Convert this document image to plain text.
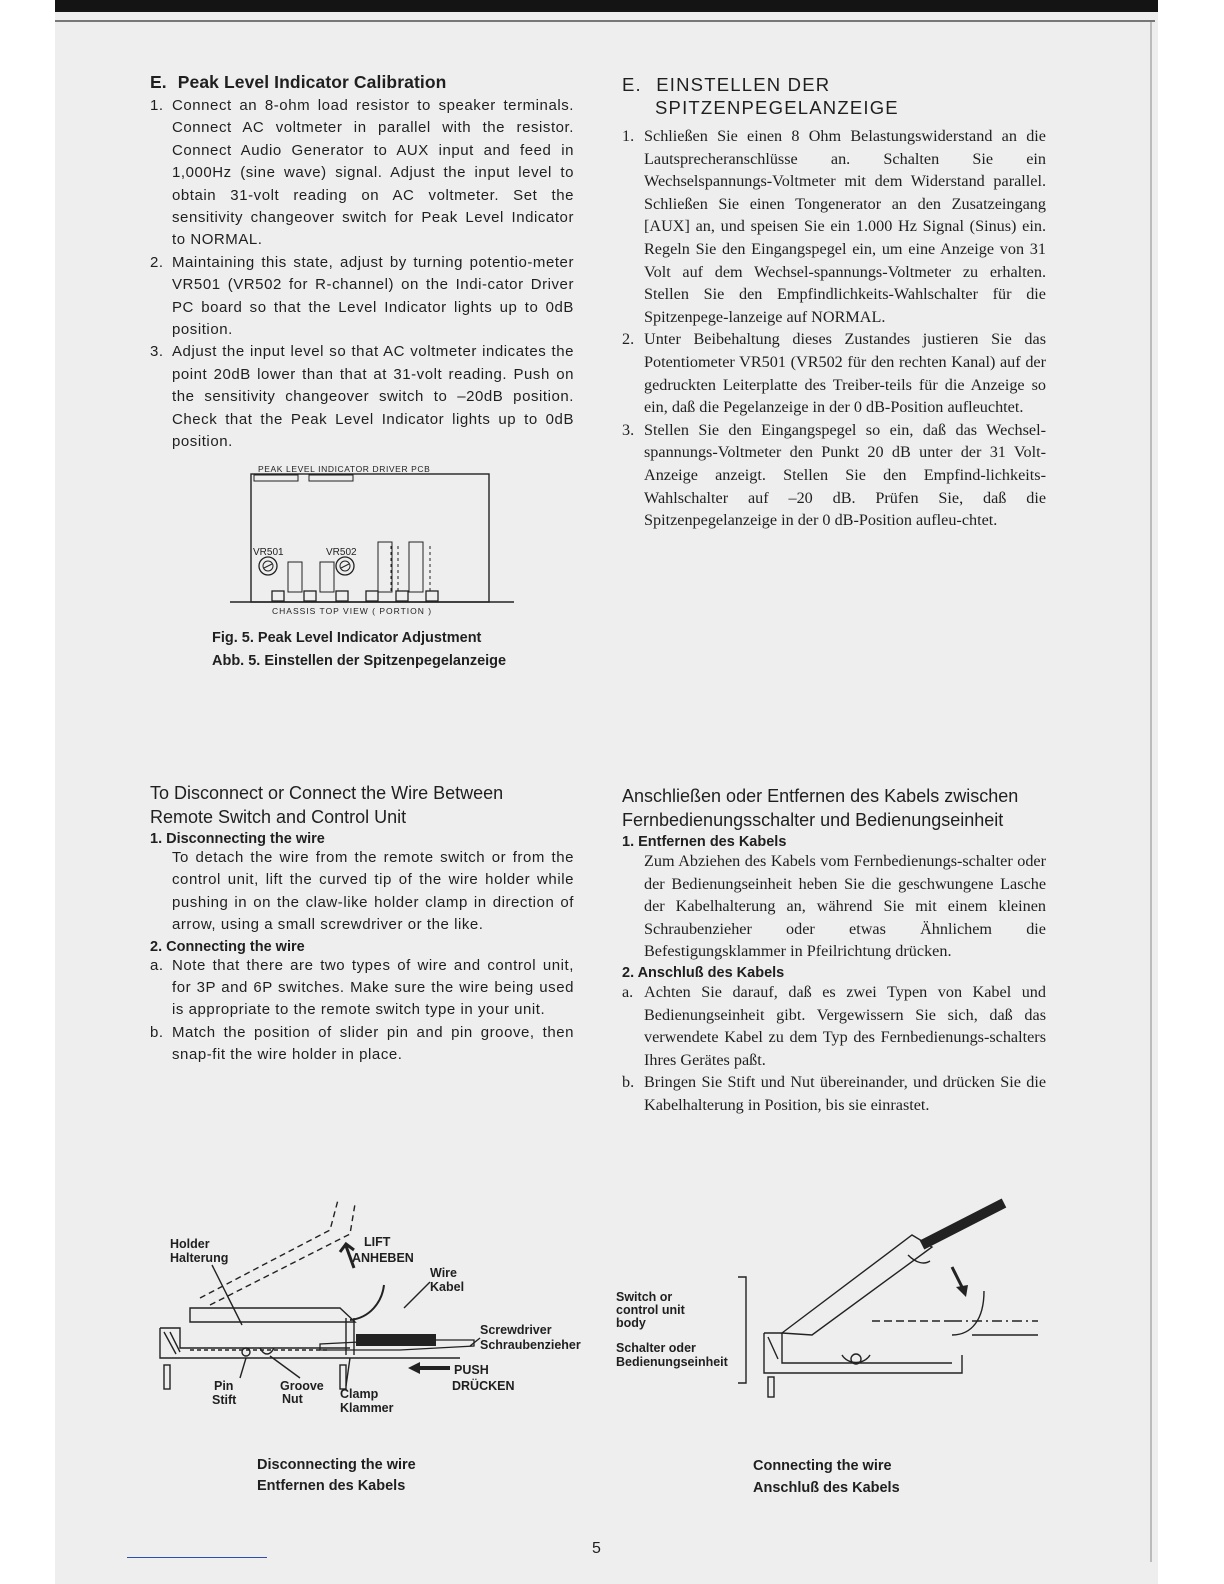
E. Peak Level Indicator Calibration
1. Connect an 8-ohm load resistor to speaker terminals. Connect AC voltmeter in parallel with the resistor. Connect Audio Generator to AUX input and feed in 1,000Hz (sine wave) signal. Adjust the input level to obtain 31-volt reading on AC voltmeter. Set the sensitivity changeover switch for Peak Level Indicator to NORMAL.
2. Maintaining this state, adjust by turning potentio-meter VR501 (VR502 for R-channel) on the Indi-cator Driver PC board so that the Level Indicator lights up to 0dB position.
3. Adjust the input level so that AC voltmeter indicates the point 20dB lower than that at 31-volt reading. Push on the sensitivity changeover switch to –20dB position. Check that the Peak Level Indicator lights up to 0dB position.
PEAK LEVEL INDICATOR DRIVER PCB
VR501	VR502
CHASSIS TOP VIEW ( PORTION )
Fig. 5. Peak Level Indicator Adjustment
Abb. 5. Einstellen der Spitzenpegelanzeige
E. EINSTELLEN DER
SPITZENPEGELANZEIGE
1. Schließen Sie einen 8 Ohm Belastungswiderstand an die Lautsprecheranschlüsse an. Schalten Sie ein Wechselspannungs-Voltmeter mit dem Widerstand parallel. Schließen Sie einen Tongenerator an den Zusatzeingang [AUX] an, und speisen Sie ein 1.000 Hz Signal (Sinus) ein. Regeln Sie den Eingangspegel ein, um eine Anzeige von 31 Volt auf dem Wechsel-spannungs-Voltmeter zu erhalten. Stellen Sie den Empfindlichkeits-Wahlschalter für die Spitzenpege-lanzeige auf NORMAL.
2. Unter Beibehaltung dieses Zustandes justieren Sie das Potentiometer VR501 (VR502 für den rechten Kanal) auf der gedruckten Leiterplatte des Treiber-teils für die Anzeige so ein, daß die Pegelanzeige in der 0 dB-Position aufleuchtet.
3. Stellen Sie den Eingangspegel so ein, daß das Wechsel-spannungs-Voltmeter den Punkt 20 dB unter der 31 Volt-Anzeige anzeigt. Stellen Sie den Empfind-lichkeits-Wahlschalter auf –20 dB. Prüfen Sie, daß die Spitzenpegelanzeige in der 0 dB-Position aufleu-chtet.
To Disconnect or Connect the Wire Between
Remote Switch and Control Unit
1. Disconnecting the wire
To detach the wire from the remote switch or from the control unit, lift the curved tip of the wire holder while pushing in on the claw-like holder clamp in direction of arrow, using a small screwdriver or the like.
2. Connecting the wire
a. Note that there are two types of wire and control unit, for 3P and 6P switches. Make sure the wire being used is appropriate to the remote switch type in your unit.
b. Match the position of slider pin and pin groove, then snap-fit the wire holder in place.
Anschließen oder Entfernen des Kabels zwischen
Fernbedienungsschalter und Bedienungseinheit
1. Entfernen des Kabels
Zum Abziehen des Kabels vom Fernbedienungs-schalter oder der Bedienungseinheit heben Sie die geschwungene Lasche der Kabelhalterung an, während Sie mit einem kleinen Schraubenzieher oder etwas Ähnlichem die Befestigungsklammer in Pfeilrichtung drücken.
2. Anschluß des Kabels
a. Achten Sie darauf, daß es zwei Typen von Kabel und Bedienungseinheit gibt. Vergewissern Sie sich, daß das verwendete Kabel zu dem Typ des Fernbedienungs-schalters Ihres Gerätes paßt.
b. Bringen Sie Stift und Nut übereinander, und drücken Sie die Kabelhalterung in Position, bis sie einrastet.
Holder
Halterung
LIFT
ANHEBEN
Wire
Kabel
Screwdriver
Schraubenzieher
PUSH
DRÜCKEN
Pin
Stift
Groove
Nut	Clamp
Klammer
Disconnecting the wire
Entfernen des Kabels
Switch or
control unit
body
Schalter oder
Bedienungseinheit
Connecting the wire
Anschluß des Kabels
5
